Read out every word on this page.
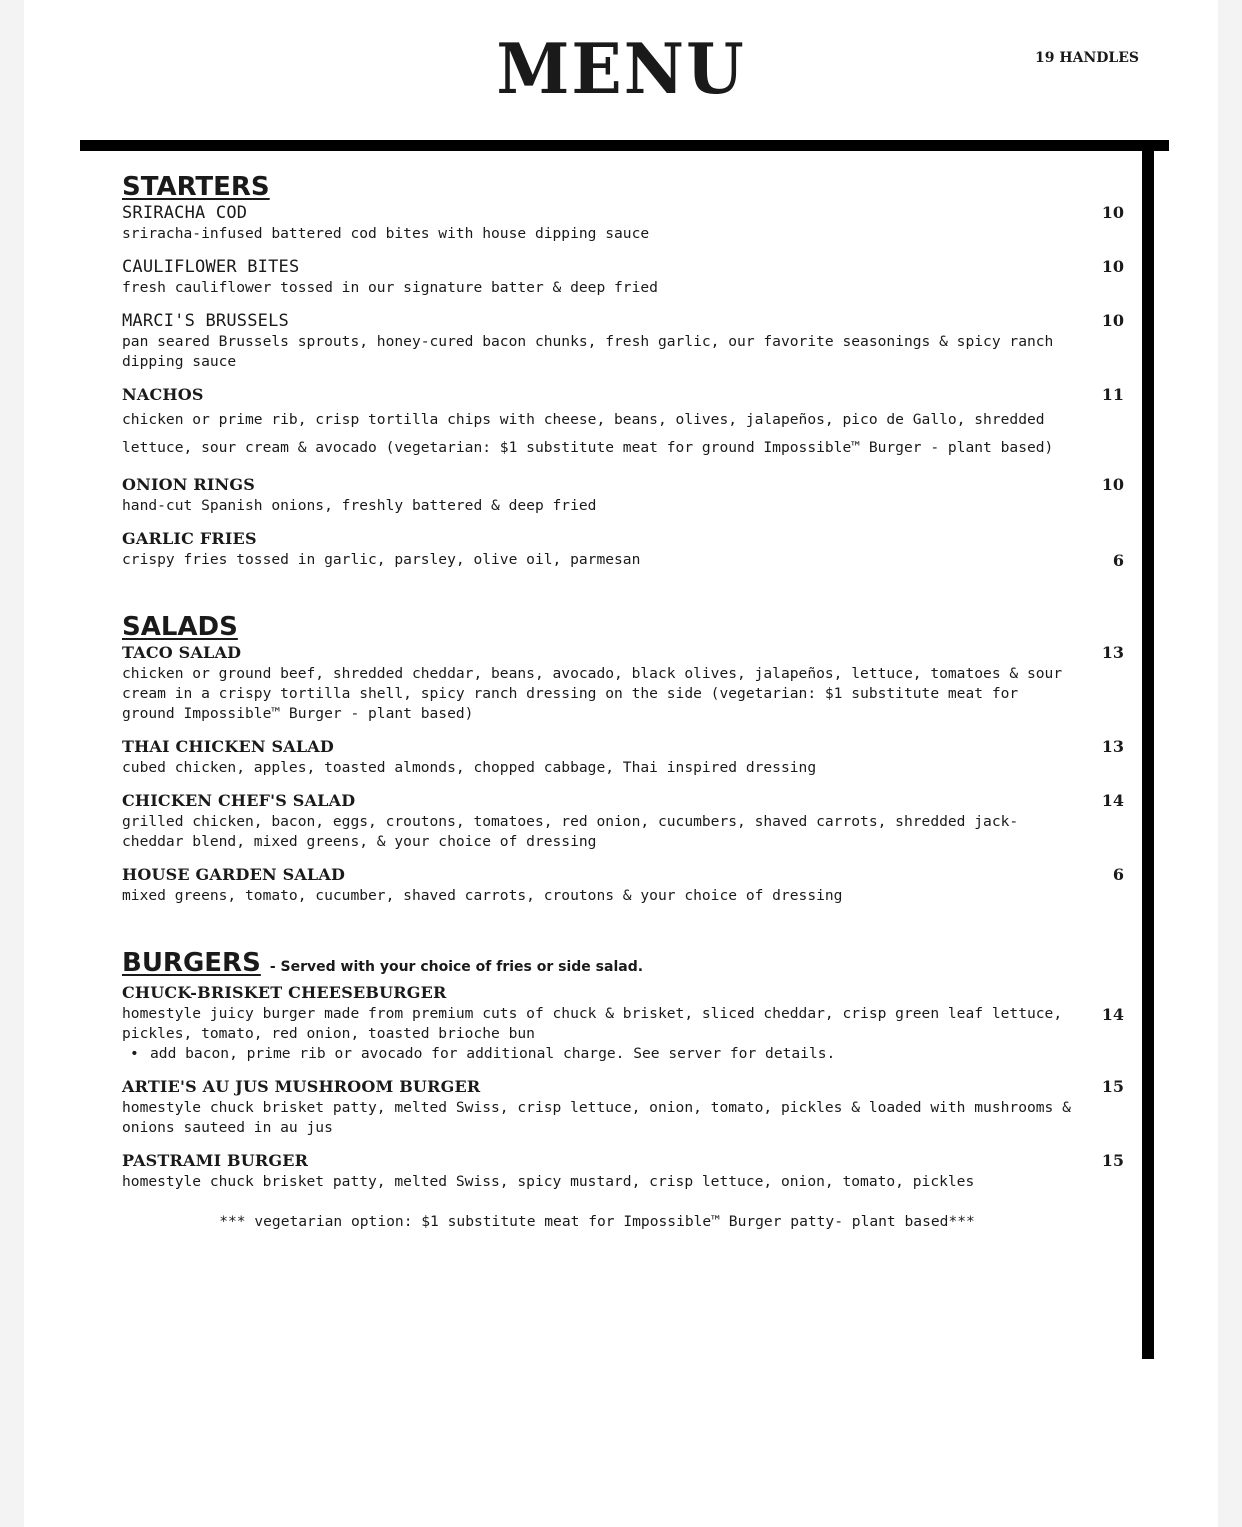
MENU	19 HANDLES
STARTERS
SRIRACHA COD	10

sriracha-infused battered cod bites with house dipping sauce

CAULIFLOWER BITES	10

fresh cauliflower tossed in our signature batter & deep fried

MARCI'S BRUSSELS	10

pan seared Brussels sprouts, honey-cured bacon chunks, fresh garlic, our favorite seasonings & spicy ranch dipping sauce

NACHOS	11

chicken or prime rib, crisp tortilla chips with cheese, beans, olives, jalapeños, pico de Gallo, shredded lettuce, sour cream & avocado (vegetarian: $1 substitute meat for ground Impossible™ Burger - plant based)

ONION RINGS	10

hand-cut Spanish onions, freshly battered & deep fried

GARLIC FRIES
6

crispy fries tossed in garlic, parsley, olive oil, parmesan

SALADS
TACO SALAD	13

chicken or ground beef, shredded cheddar, beans, avocado, black olives, jalapeños, lettuce, tomatoes & sour cream in a crispy tortilla shell, spicy ranch dressing on the side (vegetarian: $1 substitute meat for ground Impossible™ Burger - plant based)

THAI CHICKEN SALAD	13

cubed chicken, apples, toasted almonds, chopped cabbage, Thai inspired dressing

CHICKEN CHEF'S SALAD	14

grilled chicken, bacon, eggs, croutons, tomatoes, red onion, cucumbers, shaved carrots, shredded jack-cheddar blend, mixed greens, & your choice of dressing

HOUSE GARDEN SALAD	6

mixed greens, tomato, cucumber, shaved carrots, croutons & your choice of dressing

BURGERS - Served with your choice of fries or side salad.
CHUCK-BRISKET CHEESEBURGER
14

homestyle juicy burger made from premium cuts of chuck & brisket, sliced cheddar, crisp green leaf lettuce, pickles, tomato, red onion, toasted brioche bun

• add bacon, prime rib or avocado for additional charge. See server for details.
ARTIE'S AU JUS MUSHROOM BURGER	15

homestyle chuck brisket patty, melted Swiss, crisp lettuce, onion, tomato, pickles & loaded with mushrooms & onions sauteed in au jus

PASTRAMI BURGER	15

homestyle chuck brisket patty, melted Swiss, spicy mustard, crisp lettuce, onion, tomato, pickles

*** vegetarian option: $1 substitute meat for Impossible™ Burger patty- plant based***
